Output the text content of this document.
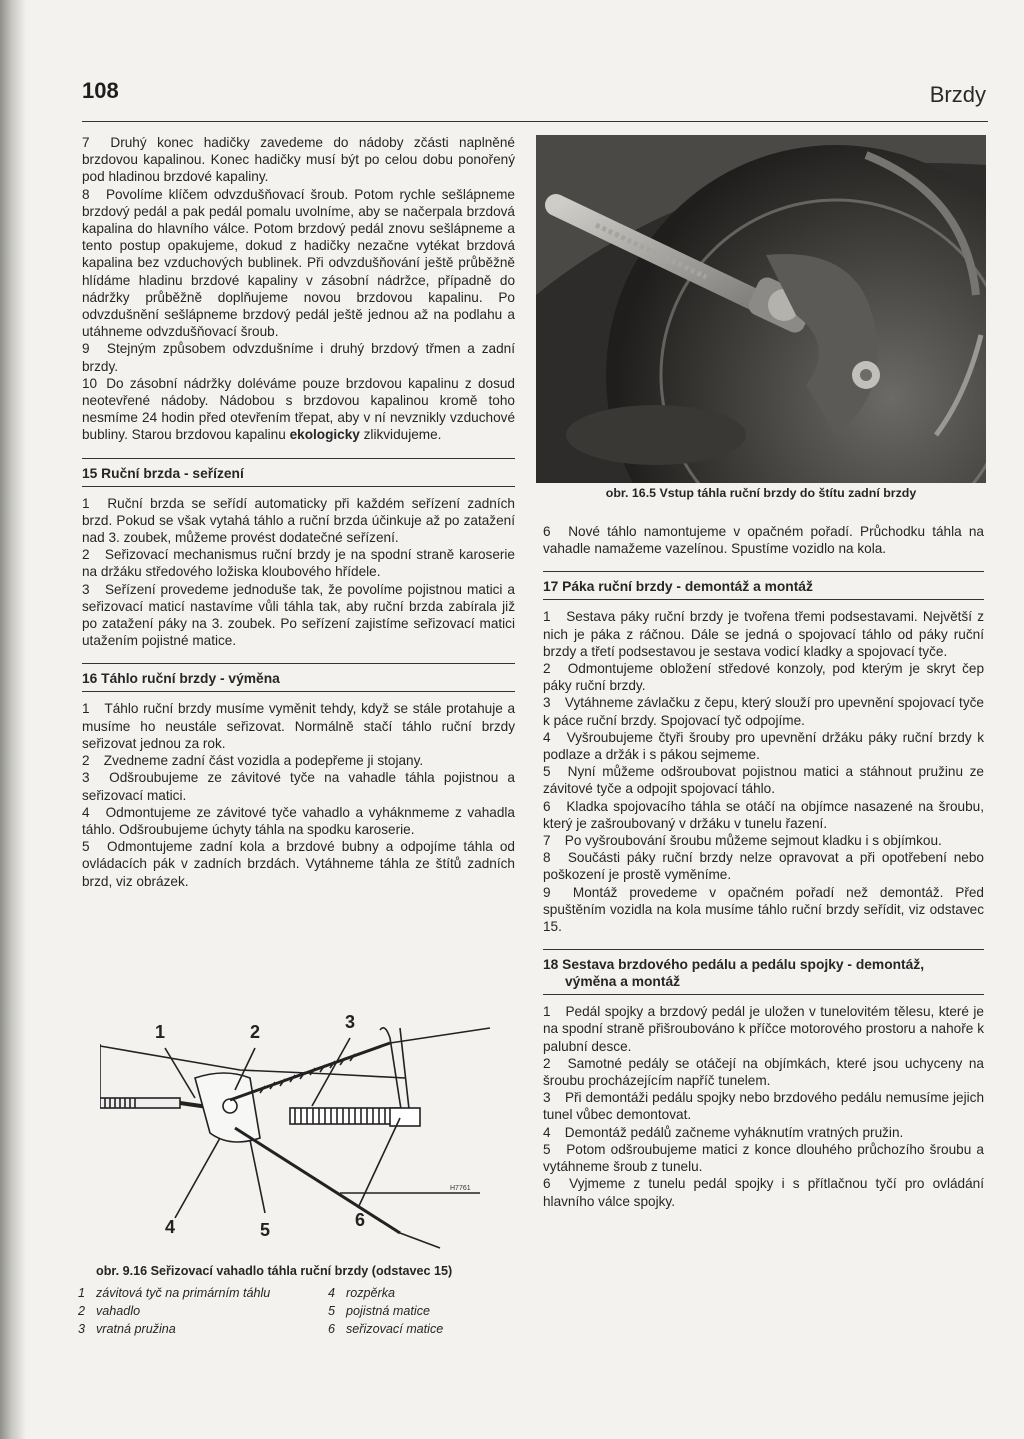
108	Brzdy

7 Druhý konec hadičky zavedeme do nádoby zčásti naplněné brzdovou kapalinou. Konec hadičky musí být po celou dobu ponořený pod hladinou brzdové kapaliny.

8 Povolíme klíčem odvzdušňovací šroub. Potom rychle sešlápneme brzdový pedál a pak pedál pomalu uvolníme, aby se načerpala brzdová kapalina do hlavního válce. Potom brzdový pedál znovu sešlápneme a tento postup opakujeme, dokud z hadičky nezačne vytékat brzdová kapalina bez vzduchových bublinek. Při odvzdušňování ještě průběžně hlídáme hladinu brzdové kapaliny v zásobní nádržce, případně do nádržky průběžně doplňujeme novou brzdovou kapalinu. Po odvzdušnění sešlápneme brzdový pedál ještě jednou až na podlahu a utáhneme odvzdušňovací šroub.

9 Stejným způsobem odvzdušníme i druhý brzdový třmen a zadní brzdy.

10 Do zásobní nádržky doléváme pouze brzdovou kapalinu z dosud neotevřené nádoby. Nádobou s brzdovou kapalinou kromě toho nesmíme 24 hodin před otevřením třepat, aby v ní nevznikly vzduchové bubliny. Starou brzdovou kapalinu ekologicky zlikvidujeme.

15 Ruční brzda - seřízení

1 Ruční brzda se seřídí automaticky při každém seřízení zadních brzd. Pokud se však vytahá táhlo a ruční brzda účinkuje až po zatažení nad 3. zoubek, můžeme provést dodatečné seřízení.

2 Seřizovací mechanismus ruční brzdy je na spodní straně karoserie na držáku středového ložiska kloubového hřídele.

3 Seřízení provedeme jednoduše tak, že povolíme pojistnou matici a seřizovací maticí nastavíme vůli táhla tak, aby ruční brzda zabírala již po zatažení páky na 3. zoubek. Po seřízení zajistíme seřizovací matici utažením pojistné matice.

16 Táhlo ruční brzdy - výměna

1 Táhlo ruční brzdy musíme vyměnit tehdy, když se stále protahuje a musíme ho neustále seřizovat. Normálně stačí táhlo ruční brzdy seřizovat jednou za rok.

2 Zvedneme zadní část vozidla a podepřeme ji stojany.

3 Odšroubujeme ze závitové tyče na vahadle táhla pojistnou a seřizovací matici.

4 Odmontujeme ze závitové tyče vahadlo a vyháknmeme z vahadla táhlo. Odšroubujeme úchyty táhla na spodku karoserie.

5 Odmontujeme zadní kola a brzdové bubny a odpojíme táhla od ovládacích pák v zadních brzdách. Vytáhneme táhla ze štítů zadních brzd, viz obrázek.

obr. 16.5 Vstup táhla ruční brzdy do štítu zadní brzdy

6 Nové táhlo namontujeme v opačném pořadí. Průchodku táhla na vahadle namažeme vazelínou. Spustíme vozidlo na kola.

17 Páka ruční brzdy - demontáž a montáž

1 Sestava páky ruční brzdy je tvořena třemi podsestavami. Největší z nich je páka z ráčnou. Dále se jedná o spojovací táhlo od páky ruční brzdy a třetí podsestavou je sestava vodicí kladky a spojovací tyče.

2 Odmontujeme obložení středové konzoly, pod kterým je skryt čep páky ruční brzdy.

3 Vytáhneme závlačku z čepu, který slouží pro upevnění spojovací tyče k páce ruční brzdy. Spojovací tyč odpojíme.

4 Vyšroubujeme čtyři šrouby pro upevnění držáku páky ruční brzdy k podlaze a držák i s pákou sejmeme.

5 Nyní můžeme odšroubovat pojistnou matici a stáhnout pružinu ze závitové tyče a odpojit spojovací táhlo.

6 Kladka spojovacího táhla se otáčí na objímce nasazené na šroubu, který je zašroubovaný v držáku v tunelu řazení.

7 Po vyšroubování šroubu můžeme sejmout kladku i s objímkou.

8 Součásti páky ruční brzdy nelze opravovat a při opotřebení nebo poškození je prostě vyměníme.

9 Montáž provedeme v opačném pořadí než demontáž. Před spuštěním vozidla na kola musíme táhlo ruční brzdy seřídit, viz odstavec 15.

18 Sestava brzdového pedálu a pedálu spojky - demontáž,
výměna a montáž

1 Pedál spojky a brzdový pedál je uložen v tunelovitém tělesu, které je na spodní straně přišroubováno k příčce motorového prostoru a nahoře k palubní desce.

2 Samotné pedály se otáčejí na objímkách, které jsou uchyceny na šroubu procházejícím napříč tunelem.

3 Při demontáži pedálu spojky nebo brzdového pedálu nemusíme jejich tunel vůbec demontovat.

4 Demontáž pedálů začneme vyháknutím vratných pružin.

5 Potom odšroubujeme matici z konce dlouhého průchozího šroubu a vytáhneme šroub z tunelu.

6 Vyjmeme z tunelu pedál spojky i s přítlačnou tyčí pro ovládání hlavního válce spojky.

1	2	3
4	5	6
H7761
obr. 9.16 Seřizovací vahadlo táhla ruční brzdy (odstavec 15)
1 závitová tyč na primárním táhlu	4 rozpěrka
2 vahadlo	5 pojistná matice
3 vratná pružina	6 seřizovací matice
